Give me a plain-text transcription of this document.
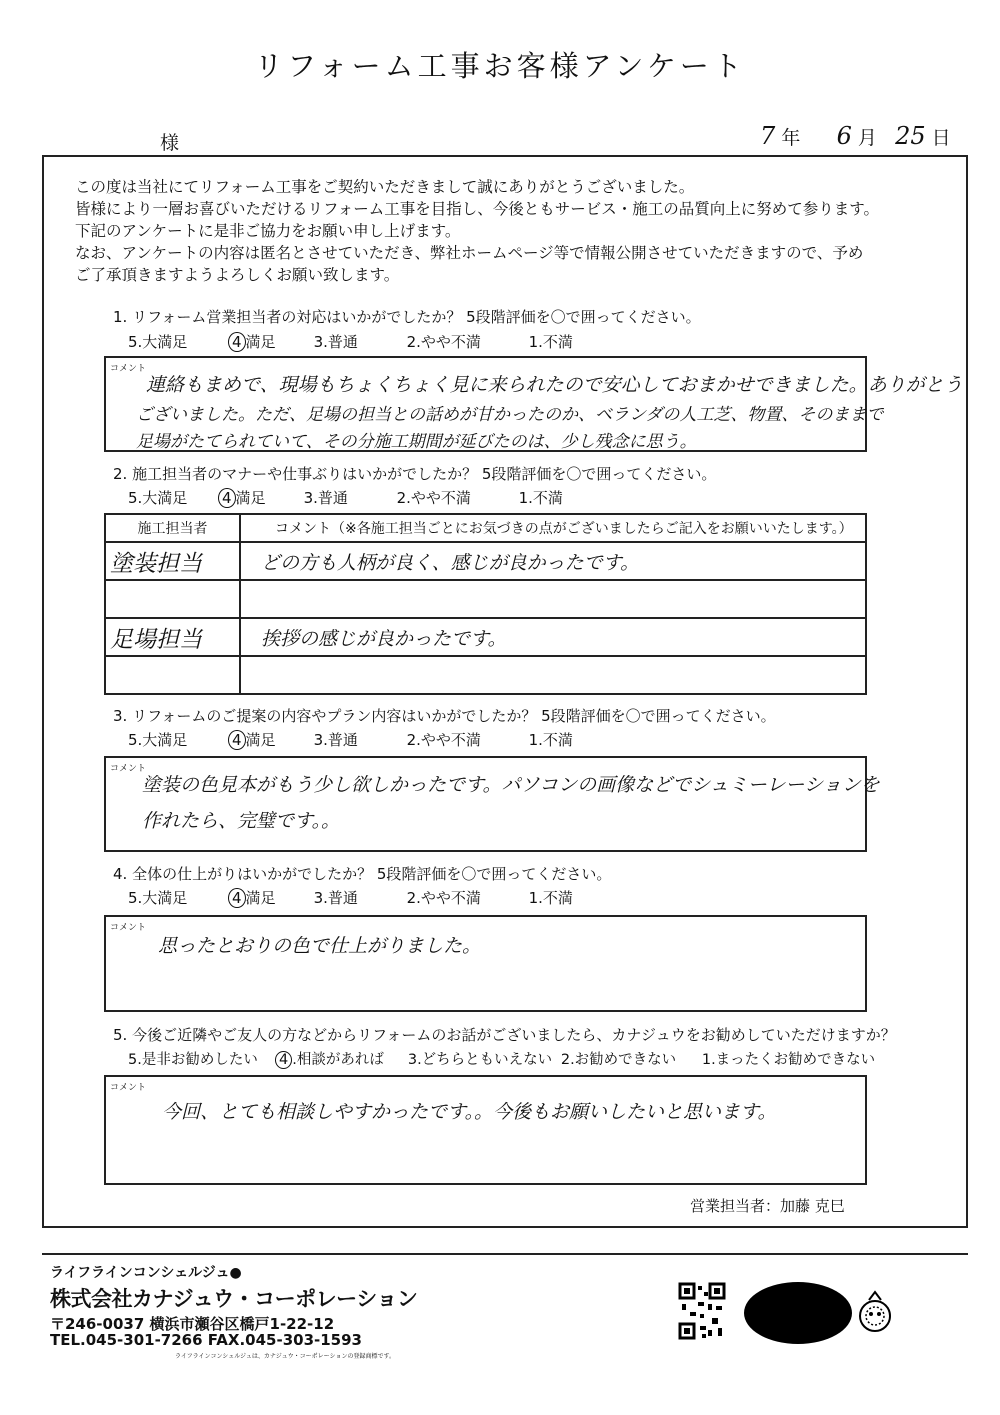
リフォーム工事お客様アンケート
様	7 年 6 月 25 日
この度は当社にてリフォーム工事をご契約いただきまして誠にありがとうございました。
皆様により一層お喜びいただけるリフォーム工事を目指し、今後ともサービス・施工の品質向上に努めて参ります。
下記のアンケートに是非ご協力をお願い申し上げます。
なお、アンケートの内容は匿名とさせていただき、弊社ホームページ等で情報公開させていただきますので、予め
ご了承頂きますようよろしくお願い致します。
1. リフォーム営業担当者の対応はいかがでしたか？ 5段階評価を〇で囲ってください。
5.大満足	4 満足	3.普通	2.やや不満	1.不満
コメント
連絡もまめで、現場もちょくちょく見に来られたので安心しておまかせできました。ありがとう
ございました。ただ、足場の担当との話めが甘かったのか、ベランダの人工芝、物置、そのままで
足場がたてられていて、その分施工期間が延びたのは、少し残念に思う。
2. 施工担当者のマナーや仕事ぶりはいかがでしたか？ 5段階評価を〇で囲ってください。
5.大満足 4 満足	3.普通	2.やや不満	1.不満
施工担当者	コメント（※各施工担当ごとにお気づきの点がございましたらご記入をお願いいたします。）
塗装担当	どの方も人柄が良く、感じが良かったです。

足場担当	挨拶の感じが良かったです。

3. リフォームのご提案の内容やプラン内容はいかがでしたか？ 5段階評価を〇で囲ってください。
5.大満足	4 満足	3.普通	2.やや不満	1.不満
コメント
塗装の色見本がもう少し欲しかったです。パソコンの画像などでシュミーレーションを
作れたら、完璧です。。
4. 全体の仕上がりはいかがでしたか？ 5段階評価を〇で囲ってください。
5.大満足	4 満足	3.普通	2.やや不満	1.不満
コメント
思ったとおりの色で仕上がりました。
5. 今後ご近隣やご友人の方などからリフォームのお話がございましたら、カナジュウをお勧めしていただけますか？
5.是非お勧めしたい 4 .相談があれば 3.どちらともいえない 2.お勧めできない 1.まったくお勧めできない
コメント
今回、とても相談しやすかったです。。今後もお願いしたいと思います。
営業担当者：加藤 克巳
ライフラインコンシェルジュ●
株式会社カナジュウ・コーポレーション
〒246-0037 横浜市瀬谷区橋戸1-22-12
TEL.045-301-7266 FAX.045-303-1593
ライフラインコンシェルジュは、カナジュウ・コーポレーションの登録商標です。
